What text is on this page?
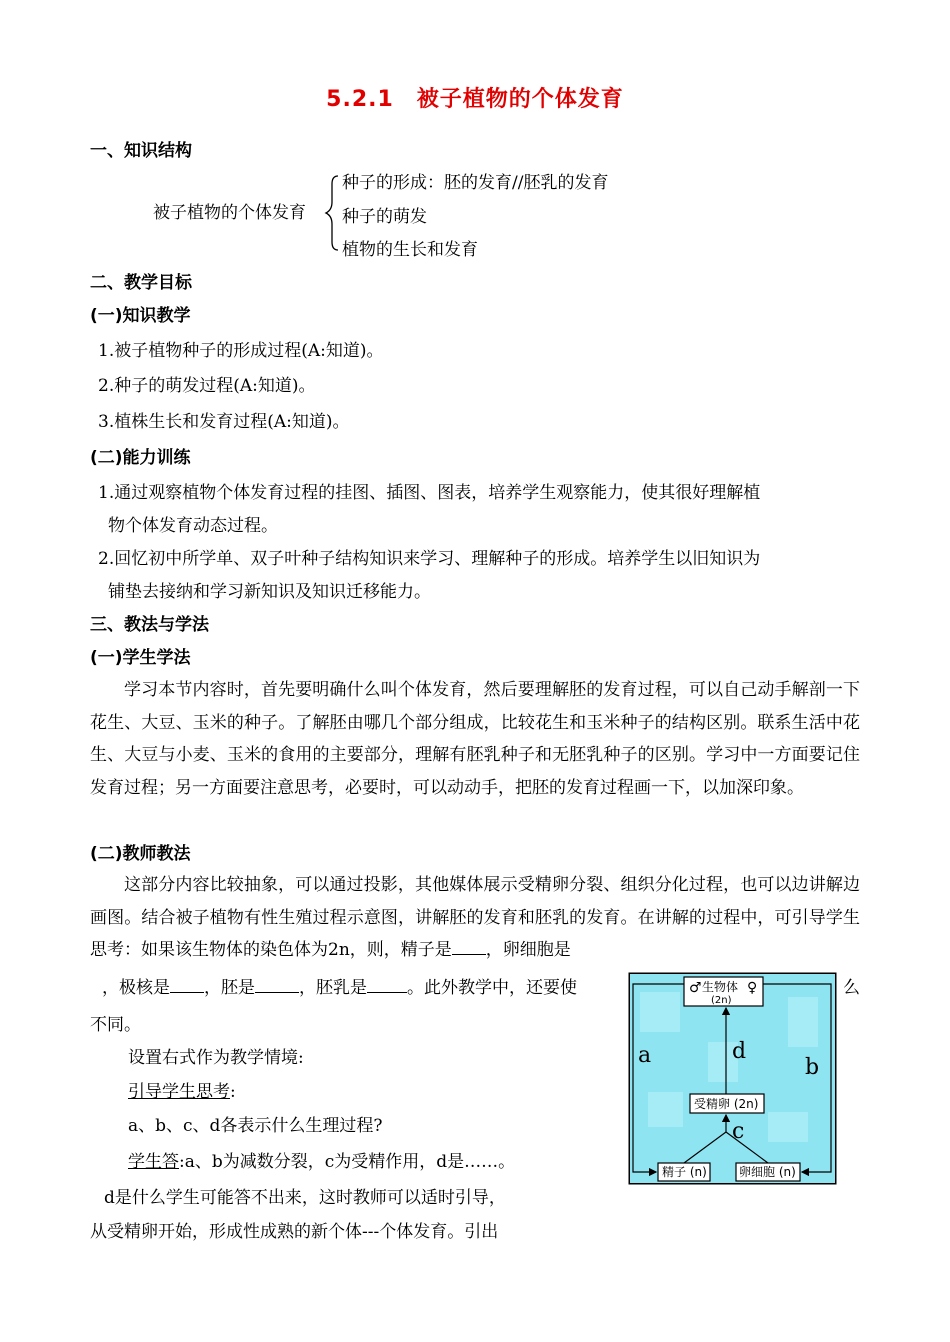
5.2.1　被子植物的个体发育
一、知识结构
被子植物的个体发育
种子的形成：胚的发育//胚乳的发育
种子的萌发
植物的生长和发育
二、教学目标
(一)知识教学
1.被子植物种子的形成过程(A:知道)。
2.种子的萌发过程(A:知道)。
3.植株生长和发育过程(A:知道)。
(二)能力训练
1.通过观察植物个体发育过程的挂图、插图、图表，培养学生观察能力，使其很好理解植
物个体发育动态过程。
2.回忆初中所学单、双子叶种子结构知识来学习、理解种子的形成。培养学生以旧知识为
铺垫去接纳和学习新知识及知识迁移能力。
三、教法与学法
(一)学生学法
学习本节内容时，首先要明确什么叫个体发育，然后要理解胚的发育过程，可以自己动手解剖一下花生、大豆、玉米的种子。了解胚由哪几个部分组成，比较花生和玉米种子的结构区别。联系生活中花生、大豆与小麦、玉米的食用的主要部分，理解有胚乳种子和无胚乳种子的区别。学习中一方面要记住发育过程；另一方面要注意思考，必要时，可以动动手，把胚的发育过程画一下，以加深印象。
(二)教师教法
这部分内容比较抽象，可以通过投影，其他媒体展示受精卵分裂、组织分化过程，也可以边讲解边画图。结合被子植物有性生殖过程示意图，讲解胚的发育和胚乳的发育。在讲解的过程中，可引导学生思考：如果该生物体的染色体为2n，则，精子是 ，卵细胞是
，极核是 ，胚是	，胚乳是 。此外教学中，还要使	么
不同。
设置右式作为教学情境:
引导学生思考:
a、b、c、d各表示什么生理过程?
学生答:a、b为减数分裂，c为受精作用，d是……。
d是什么学生可能答不出来，这时教师可以适时引导，
从受精卵开始，形成性成熟的新个体---个体发育。引出
♂ 生物体 ♀
(2n)
受精卵 (2n)
精子 (n)	卵细胞 (n)
a	d
b
c
